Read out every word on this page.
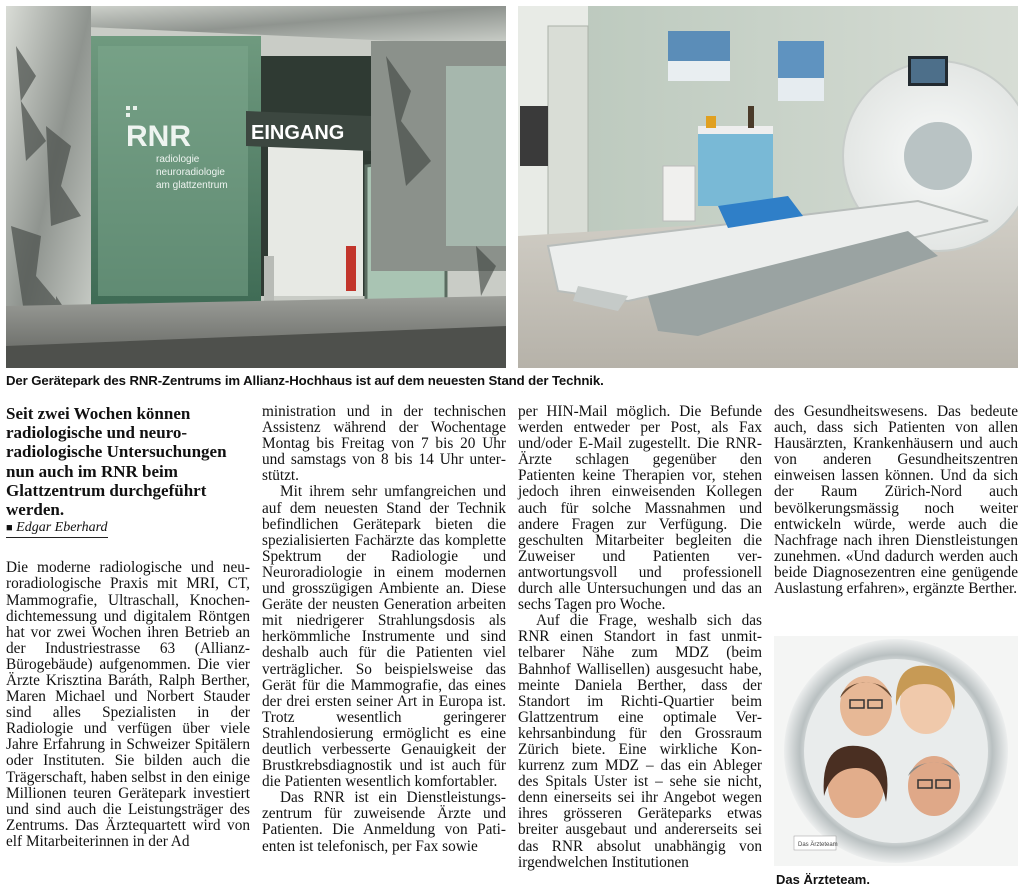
RNR
radiologie
neuroradiologie
am glattzentrum
EINGANG
Der Gerätepark des RNR-Zentrums im Allianz-Hochhaus ist auf dem neuesten Stand der Technik.

Seit zwei Wochen können radiologische und neuroradiologische Untersuchungen nun auch im RNR beim Glattzentrum durchgeführt werden.

■ Edgar Eberhard

Die moderne radiologische und neuroradiologische Praxis mit MRI, CT, Mammografie, Ultraschall, Knochendichtemessung und digitalem Röntgen hat vor zwei Wochen ihren Betrieb an der Industriestrasse 63 (Allianz-Bürogebäude) aufgenommen. Die vier Ärzte Krisztina Baráth, Ralph Berther, Maren Michael und Norbert Stauder sind alles Spezialisten in der Radiologie und verfügen über viele Jahre Erfahrung in Schweizer Spitälern oder Instituten. Sie bilden auch die Trägerschaft, haben selbst in den einige Millionen teuren Gerätepark investiert und sind auch die Leistungsträger des Zentrums. Das Ärztequartett wird von elf Mitarbeiterinnen in der Ad

ministration und in der technischen Assistenz während der Wochentage Montag bis Freitag von 7 bis 20 Uhr und samstags von 8 bis 14 Uhr unterstützt.

Mit ihrem sehr umfangreichen und auf dem neuesten Stand der Technik befindlichen Gerätepark bieten die spezialisierten Fachärzte das komplette Spektrum der Radiologie und Neuroradiologie in einem modernen und grosszügigen Ambiente an. Diese Geräte der neusten Generation arbeiten mit niedrigerer Strahlungsdosis als herkömmliche Instrumente und sind deshalb auch für die Patienten viel verträglicher. So beispielsweise das Gerät für die Mammografie, das eines der drei ersten seiner Art in Europa ist. Trotz wesentlich geringerer Strahlendosierung ermöglicht es eine deutlich verbesserte Genauigkeit der Brustkrebsdiagnostik und ist auch für die Patienten wesentlich komfortabler.

Das RNR ist ein Dienstleistungszentrum für zuweisende Ärzte und Patienten. Die Anmeldung von Patienten ist telefonisch, per Fax sowie

per HIN-Mail möglich. Die Befunde werden entweder per Post, als Fax und/oder E-Mail zugestellt. Die RNR-Ärzte schlagen gegenüber den Patienten keine Therapien vor, stehen jedoch ihren einweisenden Kollegen auch für solche Massnahmen und andere Fragen zur Verfügung. Die geschulten Mitarbeiter begleiten die Zuweiser und Patienten verantwortungsvoll und professionell durch alle Untersuchungen und das an sechs Tagen pro Woche.

Auf die Frage, weshalb sich das RNR einen Standort in fast unmittelbarer Nähe zum MDZ (beim Bahnhof Wallisellen) ausgesucht habe, meinte Daniela Berther, dass der Standort im Richti-Quartier beim Glattzentrum eine optimale Verkehrsanbindung für den Grossraum Zürich biete. Eine wirkliche Konkurrenz zum MDZ – das ein Ableger des Spitals Uster ist – sehe sie nicht, denn einerseits sei ihr Angebot wegen ihres grösseren Geräteparks etwas breiter ausgebaut und andererseits sei das RNR absolut unabhängig von irgendwelchen Institutionen

des Gesundheitswesens. Das bedeute auch, dass sich Patienten von allen Hausärzten, Krankenhäusern und auch von anderen Gesundheitszentren einweisen lassen können. Und da sich der Raum Zürich-Nord auch bevölkerungsmässig noch weiter entwickeln würde, werde auch die Nachfrage nach ihren Dienstleistungen zunehmen. «Und dadurch werden auch beide Diagnosezentren eine genügende Auslastung erfahren», ergänzte Berther.

Das Ärzteteam
Das Ärzteteam.
